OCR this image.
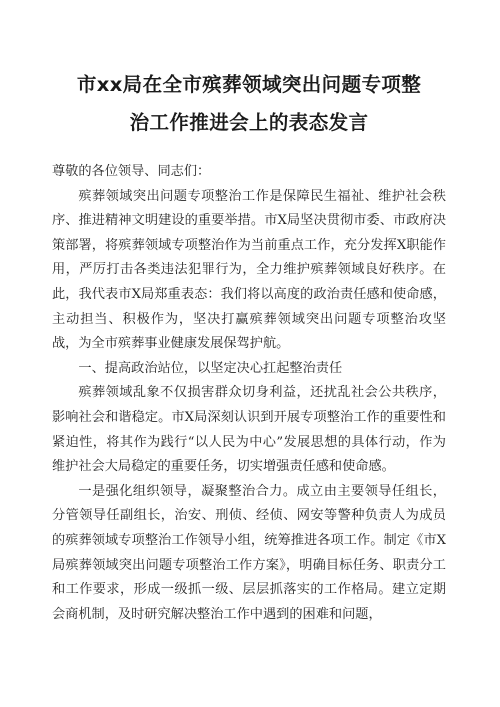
市xx局在全市殡葬领域突出问题专项整
治工作推进会上的表态发言

尊敬的各位领导、同志们：

殡葬领域突出问题专项整治工作是保障民生福祉、维护社会秩序、推进精神文明建设的重要举措。市X局坚决贯彻市委、市政府决策部署，将殡葬领域专项整治作为当前重点工作，充分发挥X职能作用，严厉打击各类违法犯罪行为，全力维护殡葬领域良好秩序。在此，我代表市X局郑重表态：我们将以高度的政治责任感和使命感，主动担当、积极作为，坚决打赢殡葬领域突出问题专项整治攻坚战，为全市殡葬事业健康发展保驾护航。

一、提高政治站位，以坚定决心扛起整治责任

殡葬领域乱象不仅损害群众切身利益，还扰乱社会公共秩序，影响社会和谐稳定。市X局深刻认识到开展专项整治工作的重要性和紧迫性，将其作为践行“以人民为中心”发展思想的具体行动，作为维护社会大局稳定的重要任务，切实增强责任感和使命感。

一是强化组织领导，凝聚整治合力。成立由主要领导任组长，分管领导任副组长，治安、刑侦、经侦、网安等警种负责人为成员的殡葬领域专项整治工作领导小组，统筹推进各项工作。制定《市X局殡葬领域突出问题专项整治工作方案》，明确目标任务、职责分工和工作要求，形成一级抓一级、层层抓落实的工作格局。建立定期会商机制，及时研究解决整治工作中遇到的困难和问题，
